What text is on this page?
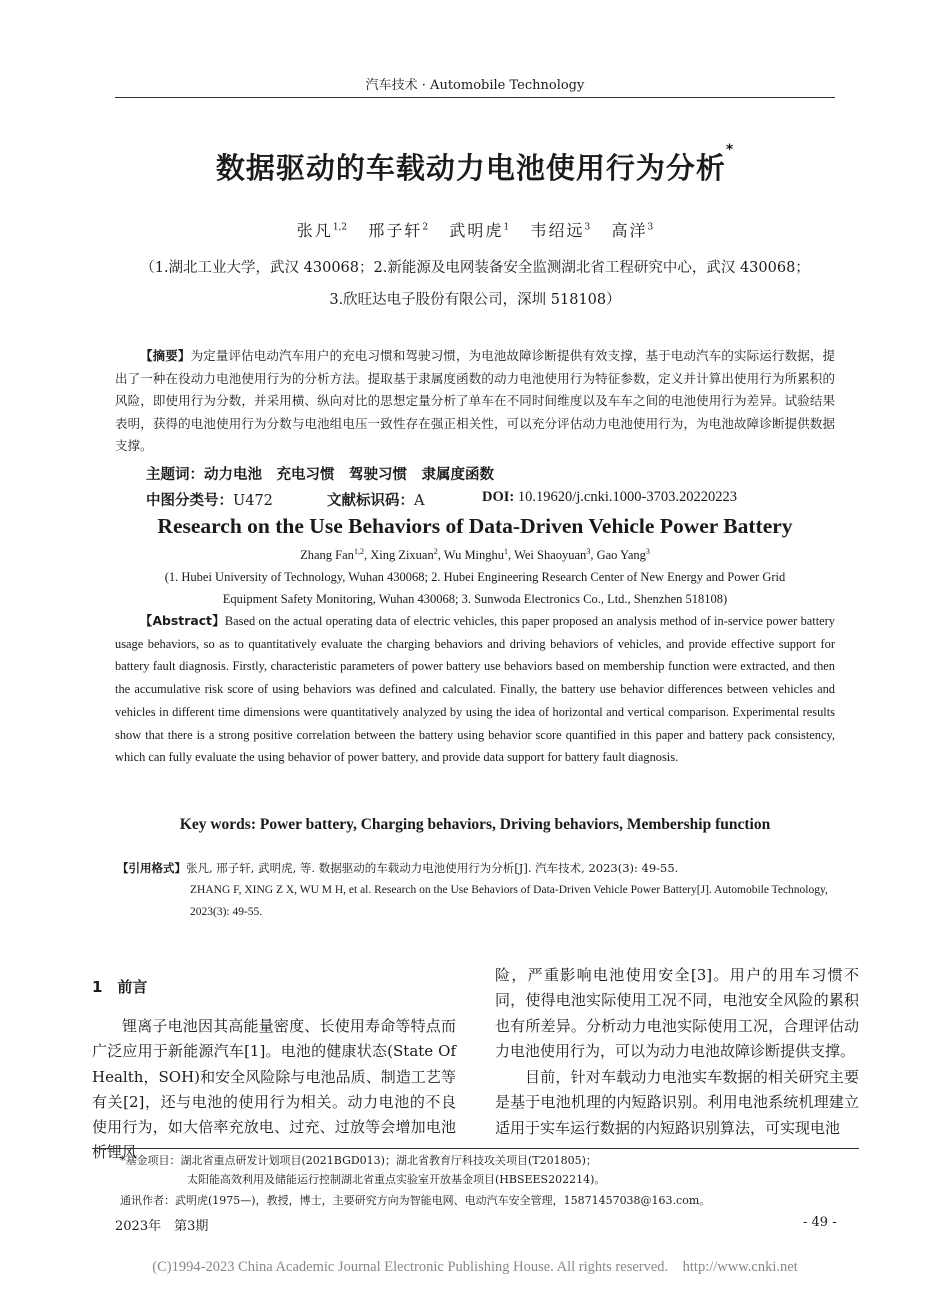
汽车技术 · Automobile Technology
数据驱动的车载动力电池使用行为分析*
张凡$^{1,2}$ 邢子轩$^2$ 武明虎$^1$ 韦绍远$^3$ 高洋$^3$
（1.湖北工业大学，武汉 430068；2.新能源及电网装备安全监测湖北省工程研究中心，武汉 430068；
3.欣旺达电子股份有限公司，深圳 518108）
【摘要】为定量评估电动汽车用户的充电习惯和驾驶习惯，为电池故障诊断提供有效支撑，基于电动汽车的实际运行数据，提出了一种在役动力电池使用行为的分析方法。提取基于隶属度函数的动力电池使用行为特征参数，定义并计算出使用行为所累积的风险，即使用行为分数，并采用横、纵向对比的思想定量分析了单车在不同时间维度以及车车之间的电池使用行为差异。试验结果表明，获得的电池使用行为分数与电池组电压一致性存在强正相关性，可以充分评估动力电池使用行为，为电池故障诊断提供数据支撑。
主题词：动力电池　充电习惯　驾驶习惯　隶属度函数
中图分类号：U472	文献标识码：A	DOI: 10.19620/j.cnki.1000-3703.20220223
Research on the Use Behaviors of Data-Driven Vehicle Power Battery
Zhang Fan$^{1,2}$, Xing Zixuan$^2$, Wu Minghu$^1$, Wei Shaoyuan$^3$, Gao Yang$^3$
(1. Hubei University of Technology, Wuhan 430068; 2. Hubei Engineering Research Center of New Energy and Power Grid
Equipment Safety Monitoring, Wuhan 430068; 3. Sunwoda Electronics Co., Ltd., Shenzhen 518108)
【Abstract】Based on the actual operating data of electric vehicles, this paper proposed an analysis method of in-service power battery usage behaviors, so as to quantitatively evaluate the charging behaviors and driving behaviors of vehicles, and provide effective support for battery fault diagnosis. Firstly, characteristic parameters of power battery use behaviors based on membership function were extracted, and then the accumulative risk score of using behaviors was defined and calculated. Finally, the battery use behavior differences between vehicles and vehicles in different time dimensions were quantitatively analyzed by using the idea of horizontal and vertical comparison. Experimental results show that there is a strong positive correlation between the battery using behavior score quantified in this paper and battery pack consistency, which can fully evaluate the using behavior of power battery, and provide data support for battery fault diagnosis.
Key words: Power battery, Charging behaviors, Driving behaviors, Membership function
【引用格式】张凡, 邢子轩, 武明虎, 等. 数据驱动的车载动力电池使用行为分析[J]. 汽车技术, 2023(3): 49-55.
ZHANG F, XING Z X, WU M H, et al. Research on the Use Behaviors of Data-Driven Vehicle Power Battery[J]. Automobile Technology, 2023(3): 49-55.
1　前言
锂离子电池因其高能量密度、长使用寿命等特点而广泛应用于新能源汽车[1]。电池的健康状态(State Of Health，SOH)和安全风险除与电池品质、制造工艺等有关[2]，还与电池的使用行为相关。动力电池的不良使用行为，如大倍率充放电、过充、过放等会增加电池析锂风
险，严重影响电池使用安全[3]。用户的用车习惯不同，使得电池实际使用工况不同，电池安全风险的累积也有所差异。分析动力电池实际使用工况，合理评估动力电池使用行为，可以为动力电池故障诊断提供支撑。
目前，针对车载动力电池实车数据的相关研究主要是基于电池机理的内短路识别。利用电池系统机理建立适用于实车运行数据的内短路识别算法，可实现电池
*基金项目：湖北省重点研发计划项目(2021BGD013)；湖北省教育厅科技攻关项目(T201805)；
太阳能高效利用及储能运行控制湖北省重点实验室开放基金项目(HBSEES202214)。
通讯作者：武明虎(1975—)，教授，博士，主要研究方向为智能电网、电动汽车安全管理，15871457038@163.com。
2023年　第3期	- 49 -
(C)1994-2023 China Academic Journal Electronic Publishing House. All rights reserved.　http://www.cnki.net
